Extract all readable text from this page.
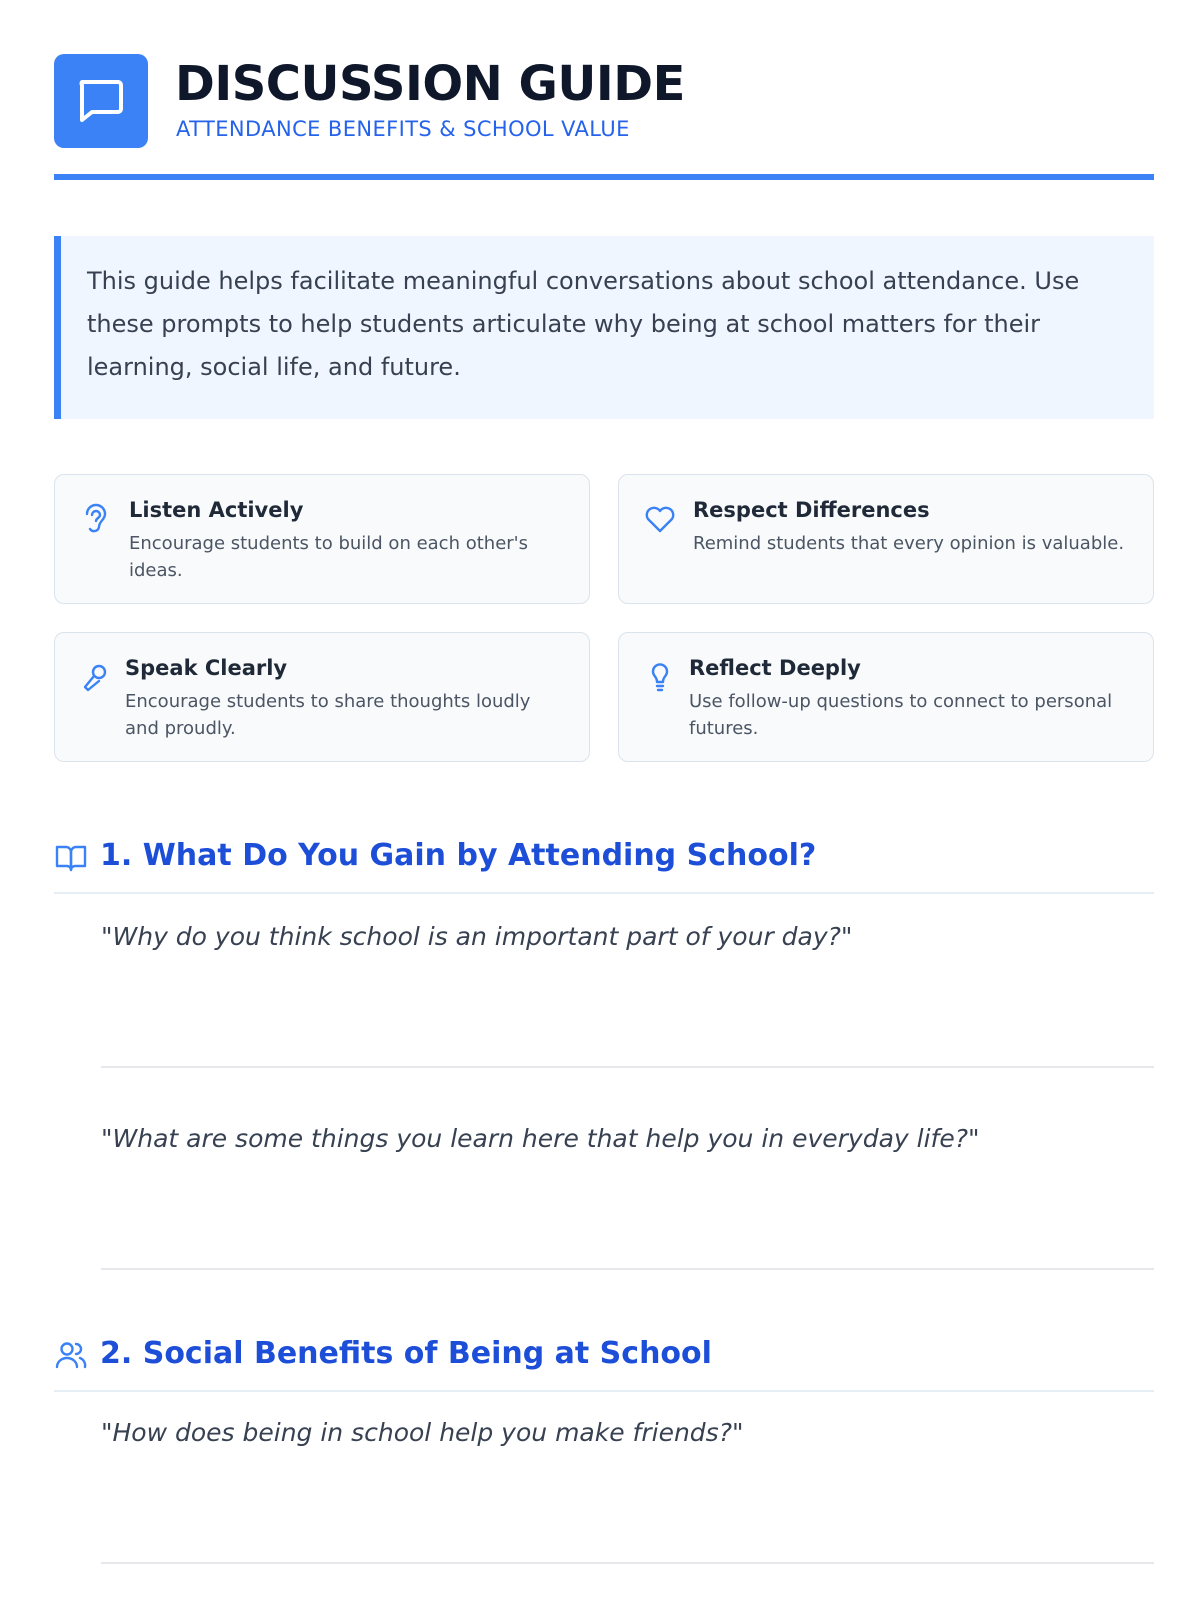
DISCUSSION GUIDE
ATTENDANCE BENEFITS & SCHOOL VALUE

This guide helps facilitate meaningful conversations about school attendance. Use these prompts to help students articulate why being at school matters for their learning, social life, and future.

Listen Actively
Encourage students to build on each other's ideas.
Respect Differences
Remind students that every opinion is valuable.
Speak Clearly
Encourage students to share thoughts loudly and proudly.
Reflect Deeply
Use follow-up questions to connect to personal futures.
1. What Do You Gain by Attending School?
"Why do you think school is an important part of your day?"
"What are some things you learn here that help you in everyday life?"
2. Social Benefits of Being at School
"How does being in school help you make friends?"
